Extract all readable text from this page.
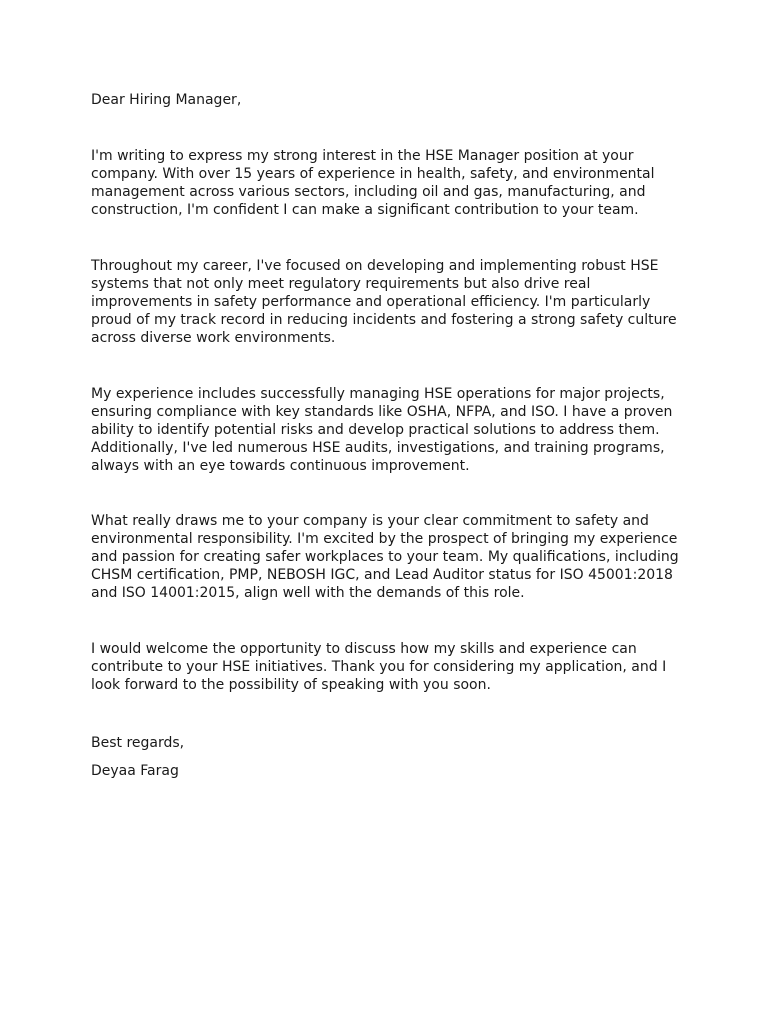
Dear Hiring Manager,
I'm writing to express my strong interest in the HSE Manager position at your
company. With over 15 years of experience in health, safety, and environmental
management across various sectors, including oil and gas, manufacturing, and
construction, I'm confident I can make a significant contribution to your team.
Throughout my career, I've focused on developing and implementing robust HSE
systems that not only meet regulatory requirements but also drive real
improvements in safety performance and operational efficiency. I'm particularly
proud of my track record in reducing incidents and fostering a strong safety culture
across diverse work environments.
My experience includes successfully managing HSE operations for major projects,
ensuring compliance with key standards like OSHA, NFPA, and ISO. I have a proven
ability to identify potential risks and develop practical solutions to address them.
Additionally, I've led numerous HSE audits, investigations, and training programs,
always with an eye towards continuous improvement.
What really draws me to your company is your clear commitment to safety and
environmental responsibility. I'm excited by the prospect of bringing my experience
and passion for creating safer workplaces to your team. My qualifications, including
CHSM certification, PMP, NEBOSH IGC, and Lead Auditor status for ISO 45001:2018
and ISO 14001:2015, align well with the demands of this role.
I would welcome the opportunity to discuss how my skills and experience can
contribute to your HSE initiatives. Thank you for considering my application, and I
look forward to the possibility of speaking with you soon.
Best regards,
Deyaa Farag
